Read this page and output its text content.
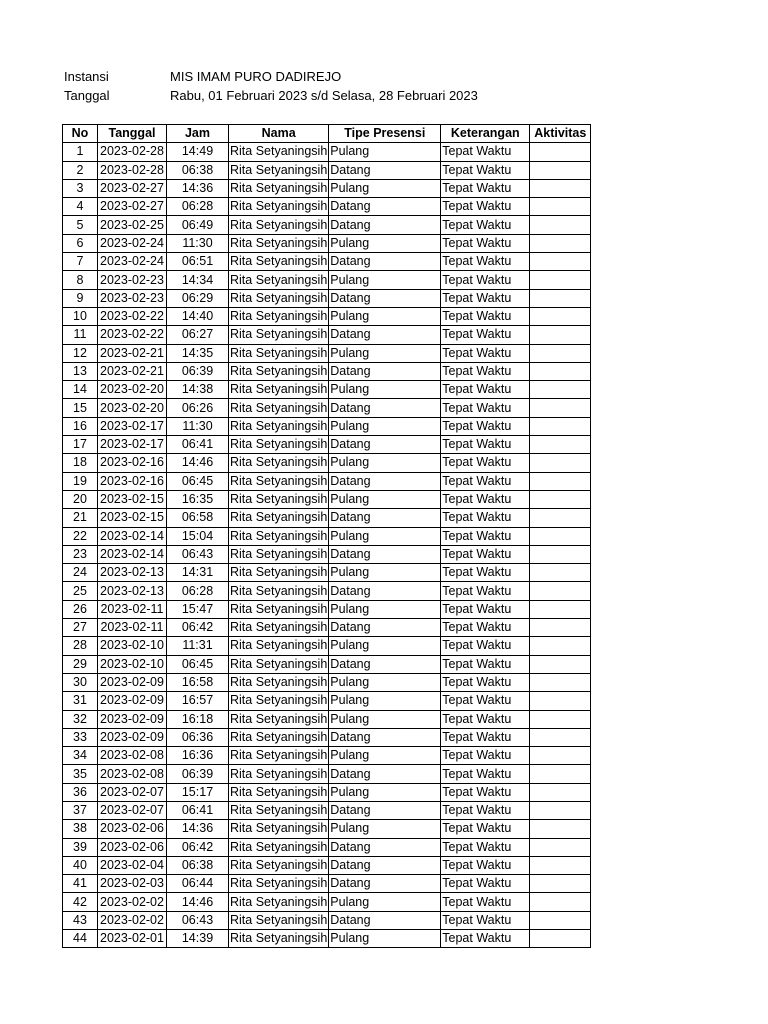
Instansi	MIS IMAM PURO DADIREJO
Tanggal	Rabu, 01 Februari 2023 s/d Selasa, 28 Februari 2023
No	Tanggal	Jam	Nama	Tipe Presensi	Keterangan	Aktivitas
1	2023-02-28	14:49	Rita Setyaningsih	Pulang	Tepat Waktu	
2	2023-02-28	06:38	Rita Setyaningsih	Datang	Tepat Waktu	
3	2023-02-27	14:36	Rita Setyaningsih	Pulang	Tepat Waktu	
4	2023-02-27	06:28	Rita Setyaningsih	Datang	Tepat Waktu	
5	2023-02-25	06:49	Rita Setyaningsih	Datang	Tepat Waktu	
6	2023-02-24	11:30	Rita Setyaningsih	Pulang	Tepat Waktu	
7	2023-02-24	06:51	Rita Setyaningsih	Datang	Tepat Waktu	
8	2023-02-23	14:34	Rita Setyaningsih	Pulang	Tepat Waktu	
9	2023-02-23	06:29	Rita Setyaningsih	Datang	Tepat Waktu	
10	2023-02-22	14:40	Rita Setyaningsih	Pulang	Tepat Waktu	
11	2023-02-22	06:27	Rita Setyaningsih	Datang	Tepat Waktu	
12	2023-02-21	14:35	Rita Setyaningsih	Pulang	Tepat Waktu	
13	2023-02-21	06:39	Rita Setyaningsih	Datang	Tepat Waktu	
14	2023-02-20	14:38	Rita Setyaningsih	Pulang	Tepat Waktu	
15	2023-02-20	06:26	Rita Setyaningsih	Datang	Tepat Waktu	
16	2023-02-17	11:30	Rita Setyaningsih	Pulang	Tepat Waktu	
17	2023-02-17	06:41	Rita Setyaningsih	Datang	Tepat Waktu	
18	2023-02-16	14:46	Rita Setyaningsih	Pulang	Tepat Waktu	
19	2023-02-16	06:45	Rita Setyaningsih	Datang	Tepat Waktu	
20	2023-02-15	16:35	Rita Setyaningsih	Pulang	Tepat Waktu	
21	2023-02-15	06:58	Rita Setyaningsih	Datang	Tepat Waktu	
22	2023-02-14	15:04	Rita Setyaningsih	Pulang	Tepat Waktu	
23	2023-02-14	06:43	Rita Setyaningsih	Datang	Tepat Waktu	
24	2023-02-13	14:31	Rita Setyaningsih	Pulang	Tepat Waktu	
25	2023-02-13	06:28	Rita Setyaningsih	Datang	Tepat Waktu	
26	2023-02-11	15:47	Rita Setyaningsih	Pulang	Tepat Waktu	
27	2023-02-11	06:42	Rita Setyaningsih	Datang	Tepat Waktu	
28	2023-02-10	11:31	Rita Setyaningsih	Pulang	Tepat Waktu	
29	2023-02-10	06:45	Rita Setyaningsih	Datang	Tepat Waktu	
30	2023-02-09	16:58	Rita Setyaningsih	Pulang	Tepat Waktu	
31	2023-02-09	16:57	Rita Setyaningsih	Pulang	Tepat Waktu	
32	2023-02-09	16:18	Rita Setyaningsih	Pulang	Tepat Waktu	
33	2023-02-09	06:36	Rita Setyaningsih	Datang	Tepat Waktu	
34	2023-02-08	16:36	Rita Setyaningsih	Pulang	Tepat Waktu	
35	2023-02-08	06:39	Rita Setyaningsih	Datang	Tepat Waktu	
36	2023-02-07	15:17	Rita Setyaningsih	Pulang	Tepat Waktu	
37	2023-02-07	06:41	Rita Setyaningsih	Datang	Tepat Waktu	
38	2023-02-06	14:36	Rita Setyaningsih	Pulang	Tepat Waktu	
39	2023-02-06	06:42	Rita Setyaningsih	Datang	Tepat Waktu	
40	2023-02-04	06:38	Rita Setyaningsih	Datang	Tepat Waktu	
41	2023-02-03	06:44	Rita Setyaningsih	Datang	Tepat Waktu	
42	2023-02-02	14:46	Rita Setyaningsih	Pulang	Tepat Waktu	
43	2023-02-02	06:43	Rita Setyaningsih	Datang	Tepat Waktu	
44	2023-02-01	14:39	Rita Setyaningsih	Pulang	Tepat Waktu	
